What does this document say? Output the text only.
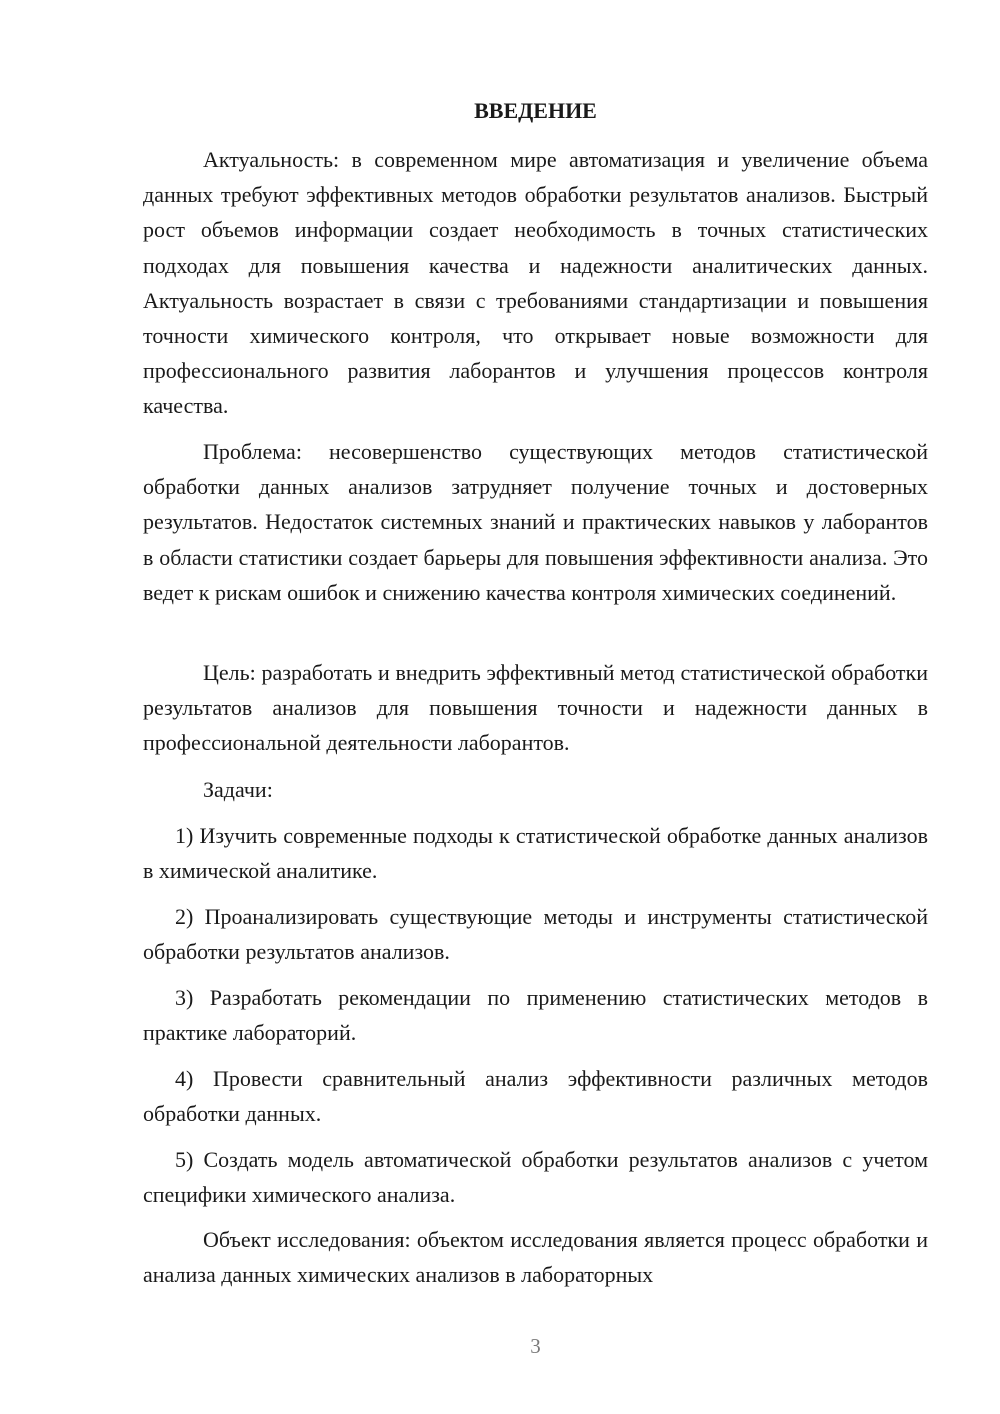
ВВЕДЕНИЕ

Актуальность: в современном мире автоматизация и увеличение объема данных требуют эффективных методов обработки результатов анализов. Быстрый рост объемов информации создает необходимость в точных статистических подходах для повышения качества и надежности аналитических данных. Актуальность возрастает в связи с требованиями стандартизации и повышения точности химического контроля, что открывает новые возможности для профессионального развития лаборантов и улучшения процессов контроля качества.

Проблема: несовершенство существующих методов статистической обработки данных анализов затрудняет получение точных и достоверных результатов. Недостаток системных знаний и практических навыков у лаборантов в области статистики создает барьеры для повышения эффективности анализа. Это ведет к рискам ошибок и снижению качества контроля химических соединений.

Цель: разработать и внедрить эффективный метод статистической обработки результатов анализов для повышения точности и надежности данных в профессиональной деятельности лаборантов.

Задачи:

1) Изучить современные подходы к статистической обработке данных анализов в химической аналитике.

2) Проанализировать существующие методы и инструменты статистической обработки результатов анализов.

3) Разработать рекомендации по применению статистических методов в практике лабораторий.

4) Провести сравнительный анализ эффективности различных методов обработки данных.

5) Создать модель автоматической обработки результатов анализов с учетом специфики химического анализа.

Объект исследования: объектом исследования является процесс обработки и анализа данных химических анализов в лабораторных

3
